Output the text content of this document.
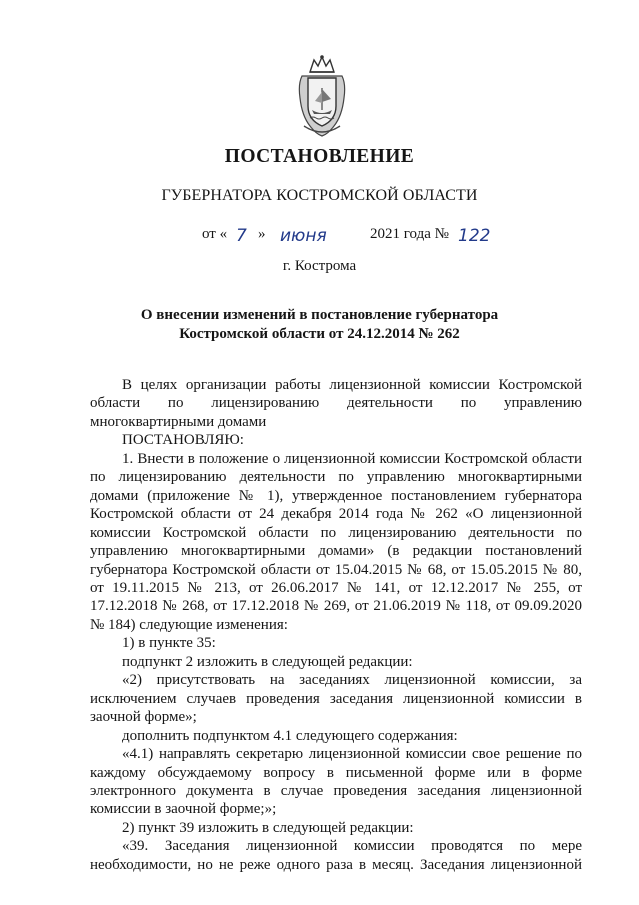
ПОСТАНОВЛЕНИЕ
ГУБЕРНАТОРА КОСТРОМСКОЙ ОБЛАСТИ
от « 7 » июня	2021 года № 122
г. Кострома
О внесении изменений в постановление губернатора
Костромской области от 24.12.2014 № 262

В целях организации работы лицензионной комиссии Костромской области по лицензированию деятельности по управлению многоквартирными домами

ПОСТАНОВЛЯЮ:

1. Внести в положение о лицензионной комиссии Костромской области по лицензированию деятельности по управлению многоквартирными домами (приложение № 1), утвержденное постановлением губернатора Костромской области от 24 декабря 2014 года № 262 «О лицензионной комиссии Костромской области по лицензированию деятельности по управлению многоквартирными домами» (в редакции постановлений губернатора Костромской области от 15.04.2015 № 68, от 15.05.2015 № 80, от 19.11.2015 № 213, от 26.06.2017 № 141, от 12.12.2017 № 255, от 17.12.2018 № 268, от 17.12.2018 № 269, от 21.06.2019 № 118, от 09.09.2020 № 184) следующие изменения:

1) в пункте 35:

подпункт 2 изложить в следующей редакции:

«2) присутствовать на заседаниях лицензионной комиссии, за исключением случаев проведения заседания лицензионной комиссии в заочной форме»;

дополнить подпунктом 4.1 следующего содержания:

«4.1) направлять секретарю лицензионной комиссии свое решение по каждому обсуждаемому вопросу в письменной форме или в форме электронного документа в случае проведения заседания лицензионной комиссии в заочной форме;»;

2) пункт 39 изложить в следующей редакции:

«39. Заседания лицензионной комиссии проводятся по мере необходимости, но не реже одного раза в месяц. Заседания лицензионной
